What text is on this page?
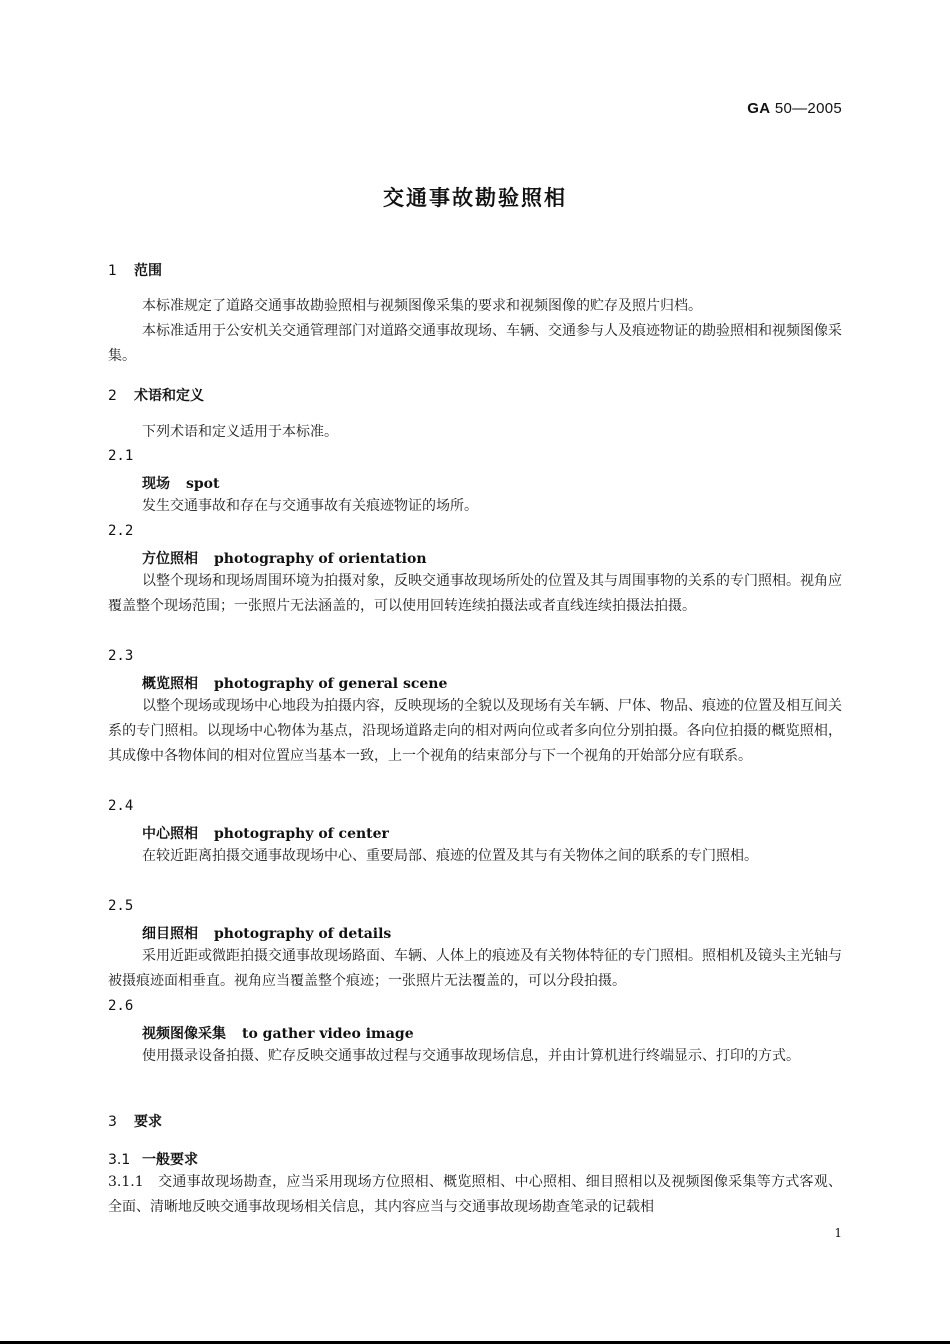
GA 50—2005
交通事故勘验照相
1 范围
本标准规定了道路交通事故勘验照相与视频图像采集的要求和视频图像的贮存及照片归档。
本标准适用于公安机关交通管理部门对道路交通事故现场、车辆、交通参与人及痕迹物证的勘验照相和视频图像采集。
2 术语和定义
下列术语和定义适用于本标准。
2.1
现场 spot
发生交通事故和存在与交通事故有关痕迹物证的场所。
2.2
方位照相 photography of orientation
以整个现场和现场周围环境为拍摄对象，反映交通事故现场所处的位置及其与周围事物的关系的专门照相。视角应覆盖整个现场范围；一张照片无法涵盖的，可以使用回转连续拍摄法或者直线连续拍摄法拍摄。
2.3
概览照相 photography of general scene
以整个现场或现场中心地段为拍摄内容，反映现场的全貌以及现场有关车辆、尸体、物品、痕迹的位置及相互间关系的专门照相。以现场中心物体为基点，沿现场道路走向的相对两向位或者多向位分别拍摄。各向位拍摄的概览照相，其成像中各物体间的相对位置应当基本一致，上一个视角的结束部分与下一个视角的开始部分应有联系。
2.4
中心照相 photography of center
在较近距离拍摄交通事故现场中心、重要局部、痕迹的位置及其与有关物体之间的联系的专门照相。
2.5
细目照相 photography of details
采用近距或微距拍摄交通事故现场路面、车辆、人体上的痕迹及有关物体特征的专门照相。照相机及镜头主光轴与被摄痕迹面相垂直。视角应当覆盖整个痕迹；一张照片无法覆盖的，可以分段拍摄。
2.6
视频图像采集 to gather video image
使用摄录设备拍摄、贮存反映交通事故过程与交通事故现场信息，并由计算机进行终端显示、打印的方式。
3 要求
3.1 一般要求
3.1.1　交通事故现场勘查，应当采用现场方位照相、概览照相、中心照相、细目照相以及视频图像采集等方式客观、全面、清晰地反映交通事故现场相关信息，其内容应当与交通事故现场勘查笔录的记载相
1
